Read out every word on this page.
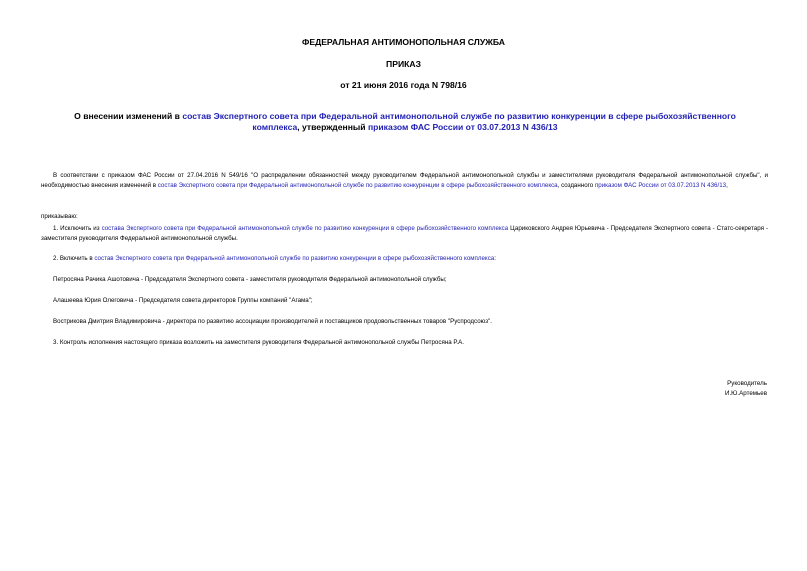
ФЕДЕРАЛЬНАЯ АНТИМОНОПОЛЬНАЯ СЛУЖБА
ПРИКАЗ
от 21 июня 2016 года N 798/16
О внесении изменений в состав Экспертного совета при Федеральной антимонопольной службе по развитию конкуренции в сфере рыбохозяйственного комплекса, утвержденный приказом ФАС России от 03.07.2013 N 436/13
В соответствии с приказом ФАС России от 27.04.2016 N 549/16 "О распределении обязанностей между руководителем Федеральной антимонопольной службы и заместителями руководителя Федеральной антимонопольной службы", и необходимостью внесения изменений в состав Экспертного совета при Федеральной антимонопольной службе по развитию конкуренции в сфере рыбохозяйственного комплекса, созданного приказом ФАС России от 03.07.2013 N 436/13,
приказываю:
1. Исключить из состава Экспертного совета при Федеральной антимонопольной службе по развитию конкуренции в сфере рыбохозяйственного комплекса Цариковского Андрея Юрьевича - Председателя Экспертного совета - Статс-секретаря - заместителя руководителя Федеральной антимонопольной службы.
2. Включить в состав Экспертного совета при Федеральной антимонопольной службе по развитию конкуренции в сфере рыбохозяйственного комплекса:
Петросяна Рачика Ашотовича - Председателя Экспертного совета - заместителя руководителя Федеральной антимонопольной службы;
Алашеева Юрия Олеговича - Председателя совета директоров Группы компаний "Агама";
Вострикова Дмитрия Владимировича - директора по развитию ассоциации производителей и поставщиков продовольственных товаров "Руспродсоюз".
3. Контроль исполнения настоящего приказа возложить на заместителя руководителя Федеральной антимонопольной службы Петросяна Р.А.
Руководитель
И.Ю.Артемьев
